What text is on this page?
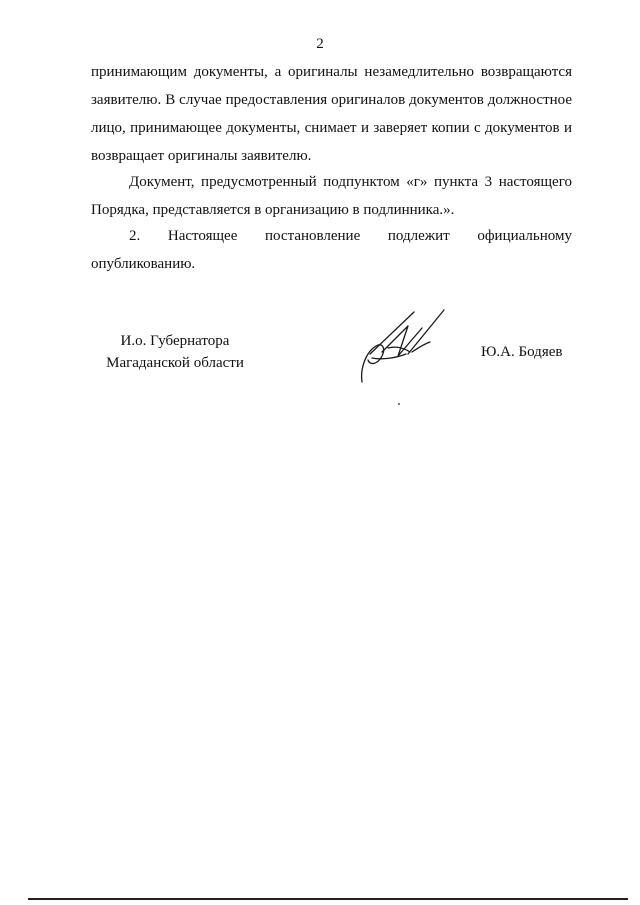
2

принимающим документы, а оригиналы незамедлительно возвращаются заявителю. В случае предоставления оригиналов документов должностное лицо, принимающее документы, снимает и заверяет копии с документов и возвращает оригиналы заявителю.

Документ, предусмотренный подпунктом «г» пункта 3 настоящего Порядка, представляется в организацию в подлинника.».

2. Настоящее постановление подлежит официальному

опубликованию.

И.о. Губернатора
Магаданской области
Ю.А. Бодяев
